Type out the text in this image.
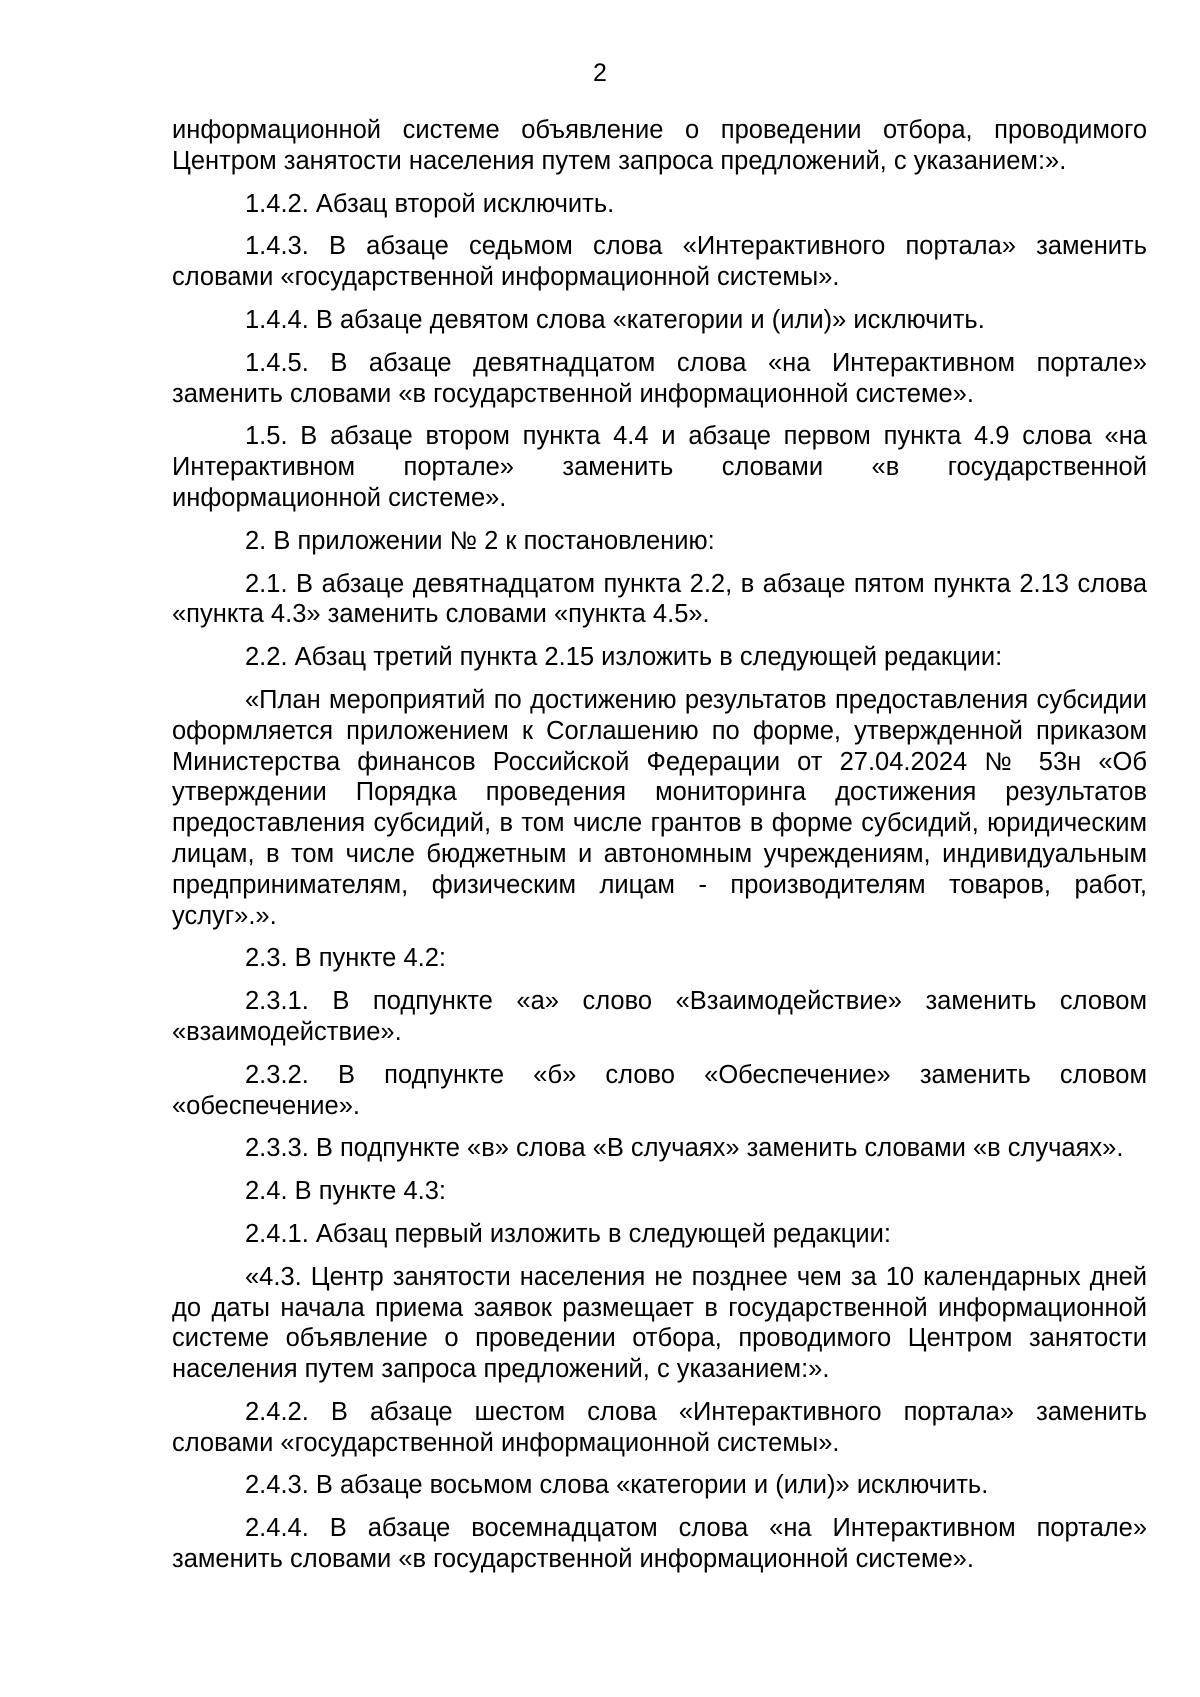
2

информационной системе объявление о проведении отбора, проводимого Центром занятости населения путем запроса предложений, с указанием:».

1.4.2. Абзац второй исключить.

1.4.3. В абзаце седьмом слова «Интерактивного портала» заменить словами «государственной информационной системы».

1.4.4. В абзаце девятом слова «категории и (или)» исключить.

1.4.5. В абзаце девятнадцатом слова «на Интерактивном портале» заменить словами «в государственной информационной системе».

1.5. В абзаце втором пункта 4.4 и абзаце первом пункта 4.9 слова «на Интерактивном портале» заменить словами «в государственной информационной системе».

2. В приложении № 2 к постановлению:

2.1. В абзаце девятнадцатом пункта 2.2, в абзаце пятом пункта 2.13 слова «пункта 4.3» заменить словами «пункта 4.5».

2.2. Абзац третий пункта 2.15 изложить в следующей редакции:

«План мероприятий по достижению результатов предоставления субсидии оформляется приложением к Соглашению по форме, утвержденной приказом Министерства финансов Российской Федерации от 27.04.2024 № 53н «Об утверждении Порядка проведения мониторинга достижения результатов предоставления субсидий, в том числе грантов в форме субсидий, юридическим лицам, в том числе бюджетным и автономным учреждениям, индивидуальным предпринимателям, физическим лицам - производителям товаров, работ, услуг».».

2.3. В пункте 4.2:

2.3.1. В подпункте «а» слово «Взаимодействие» заменить словом «взаимодействие».

2.3.2. В подпункте «б» слово «Обеспечение» заменить словом «обеспечение».

2.3.3. В подпункте «в» слова «В случаях» заменить словами «в случаях».

2.4. В пункте 4.3:

2.4.1. Абзац первый изложить в следующей редакции:

«4.3. Центр занятости населения не позднее чем за 10 календарных дней до даты начала приема заявок размещает в государственной информационной системе объявление о проведении отбора, проводимого Центром занятости населения путем запроса предложений, с указанием:».

2.4.2. В абзаце шестом слова «Интерактивного портала» заменить словами «государственной информационной системы».

2.4.3. В абзаце восьмом слова «категории и (или)» исключить.

2.4.4. В абзаце восемнадцатом слова «на Интерактивном портале» заменить словами «в государственной информационной системе».
